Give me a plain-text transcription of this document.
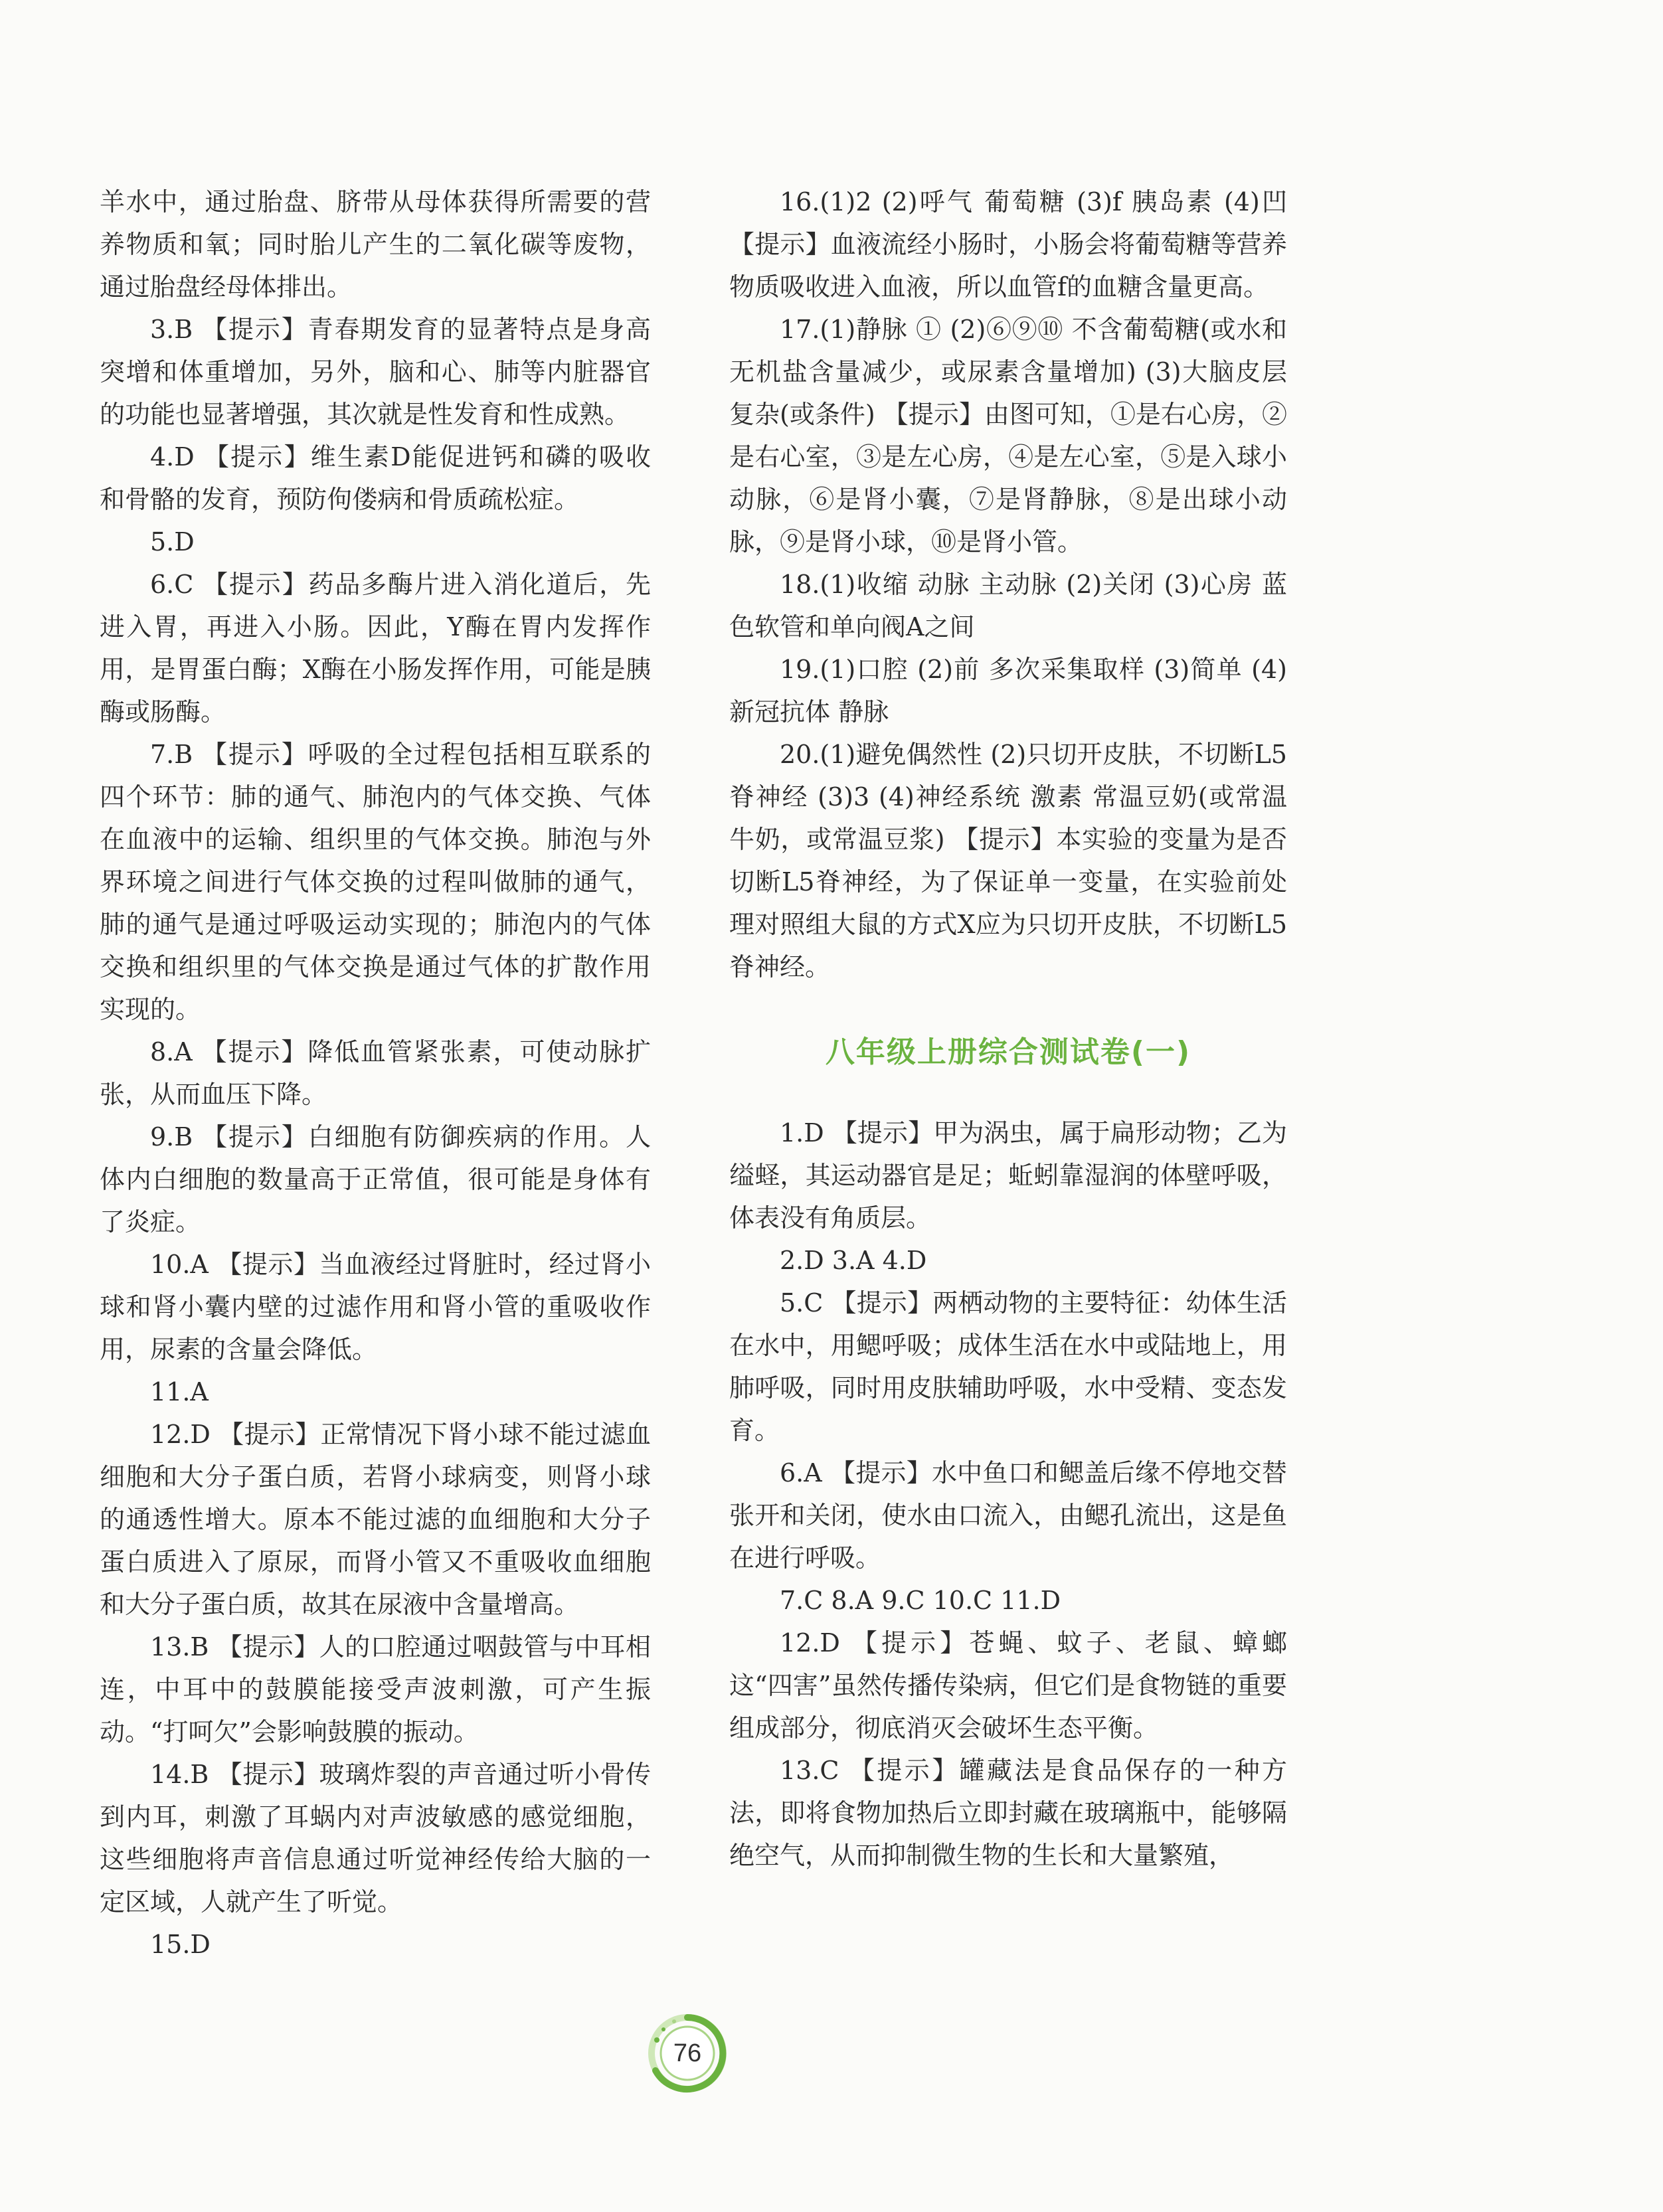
羊水中，通过胎盘、脐带从母体获得所需要的营养物质和氧；同时胎儿产生的二氧化碳等废物，通过胎盘经母体排出。

3.B 【提示】青春期发育的显著特点是身高突增和体重增加，另外，脑和心、肺等内脏器官的功能也显著增强，其次就是性发育和性成熟。

4.D 【提示】维生素D能促进钙和磷的吸收和骨骼的发育，预防佝偻病和骨质疏松症。

5.D

6.C 【提示】药品多酶片进入消化道后，先进入胃，再进入小肠。因此，Y酶在胃内发挥作用，是胃蛋白酶；X酶在小肠发挥作用，可能是胰酶或肠酶。

7.B 【提示】呼吸的全过程包括相互联系的四个环节：肺的通气、肺泡内的气体交换、气体在血液中的运输、组织里的气体交换。肺泡与外界环境之间进行气体交换的过程叫做肺的通气，肺的通气是通过呼吸运动实现的；肺泡内的气体交换和组织里的气体交换是通过气体的扩散作用实现的。

8.A 【提示】降低血管紧张素，可使动脉扩张，从而血压下降。

9.B 【提示】白细胞有防御疾病的作用。人体内白细胞的数量高于正常值，很可能是身体有了炎症。

10.A 【提示】当血液经过肾脏时，经过肾小球和肾小囊内壁的过滤作用和肾小管的重吸收作用，尿素的含量会降低。

11.A

12.D 【提示】正常情况下肾小球不能过滤血细胞和大分子蛋白质，若肾小球病变，则肾小球的通透性增大。原本不能过滤的血细胞和大分子蛋白质进入了原尿，而肾小管又不重吸收血细胞和大分子蛋白质，故其在尿液中含量增高。

13.B 【提示】人的口腔通过咽鼓管与中耳相连，中耳中的鼓膜能接受声波刺激，可产生振动。“打呵欠”会影响鼓膜的振动。

14.B 【提示】玻璃炸裂的声音通过听小骨传到内耳，刺激了耳蜗内对声波敏感的感觉细胞，这些细胞将声音信息通过听觉神经传给大脑的一定区域，人就产生了听觉。

15.D

16.(1)2 (2)呼气 葡萄糖 (3)f 胰岛素 (4)凹 【提示】血液流经小肠时，小肠会将葡萄糖等营养物质吸收进入血液，所以血管f的血糖含量更高。

17.(1)静脉 ① (2)⑥⑨⑩ 不含葡萄糖(或水和无机盐含量减少，或尿素含量增加) (3)大脑皮层 复杂(或条件) 【提示】由图可知，①是右心房，②是右心室，③是左心房，④是左心室，⑤是入球小动脉，⑥是肾小囊，⑦是肾静脉，⑧是出球小动脉，⑨是肾小球，⑩是肾小管。

18.(1)收缩 动脉 主动脉 (2)关闭 (3)心房 蓝色软管和单向阀A之间

19.(1)口腔 (2)前 多次采集取样 (3)简单 (4)新冠抗体 静脉

20.(1)避免偶然性 (2)只切开皮肤，不切断L5脊神经 (3)3 (4)神经系统 激素 常温豆奶(或常温牛奶，或常温豆浆) 【提示】本实验的变量为是否切断L5脊神经，为了保证单一变量，在实验前处理对照组大鼠的方式X应为只切开皮肤，不切断L5脊神经。

八年级上册综合测试卷(一)

1.D 【提示】甲为涡虫，属于扁形动物；乙为缢蛏，其运动器官是足；蚯蚓靠湿润的体壁呼吸，体表没有角质层。

2.D 3.A 4.D

5.C 【提示】两栖动物的主要特征：幼体生活在水中，用鳃呼吸；成体生活在水中或陆地上，用肺呼吸，同时用皮肤辅助呼吸，水中受精、变态发育。

6.A 【提示】水中鱼口和鳃盖后缘不停地交替张开和关闭，使水由口流入，由鳃孔流出，这是鱼在进行呼吸。

7.C 8.A 9.C 10.C 11.D

12.D 【提示】苍蝇、蚊子、老鼠、蟑螂这“四害”虽然传播传染病，但它们是食物链的重要组成部分，彻底消灭会破坏生态平衡。

13.C 【提示】罐藏法是食品保存的一种方法，即将食物加热后立即封藏在玻璃瓶中，能够隔绝空气，从而抑制微生物的生长和大量繁殖，

76
